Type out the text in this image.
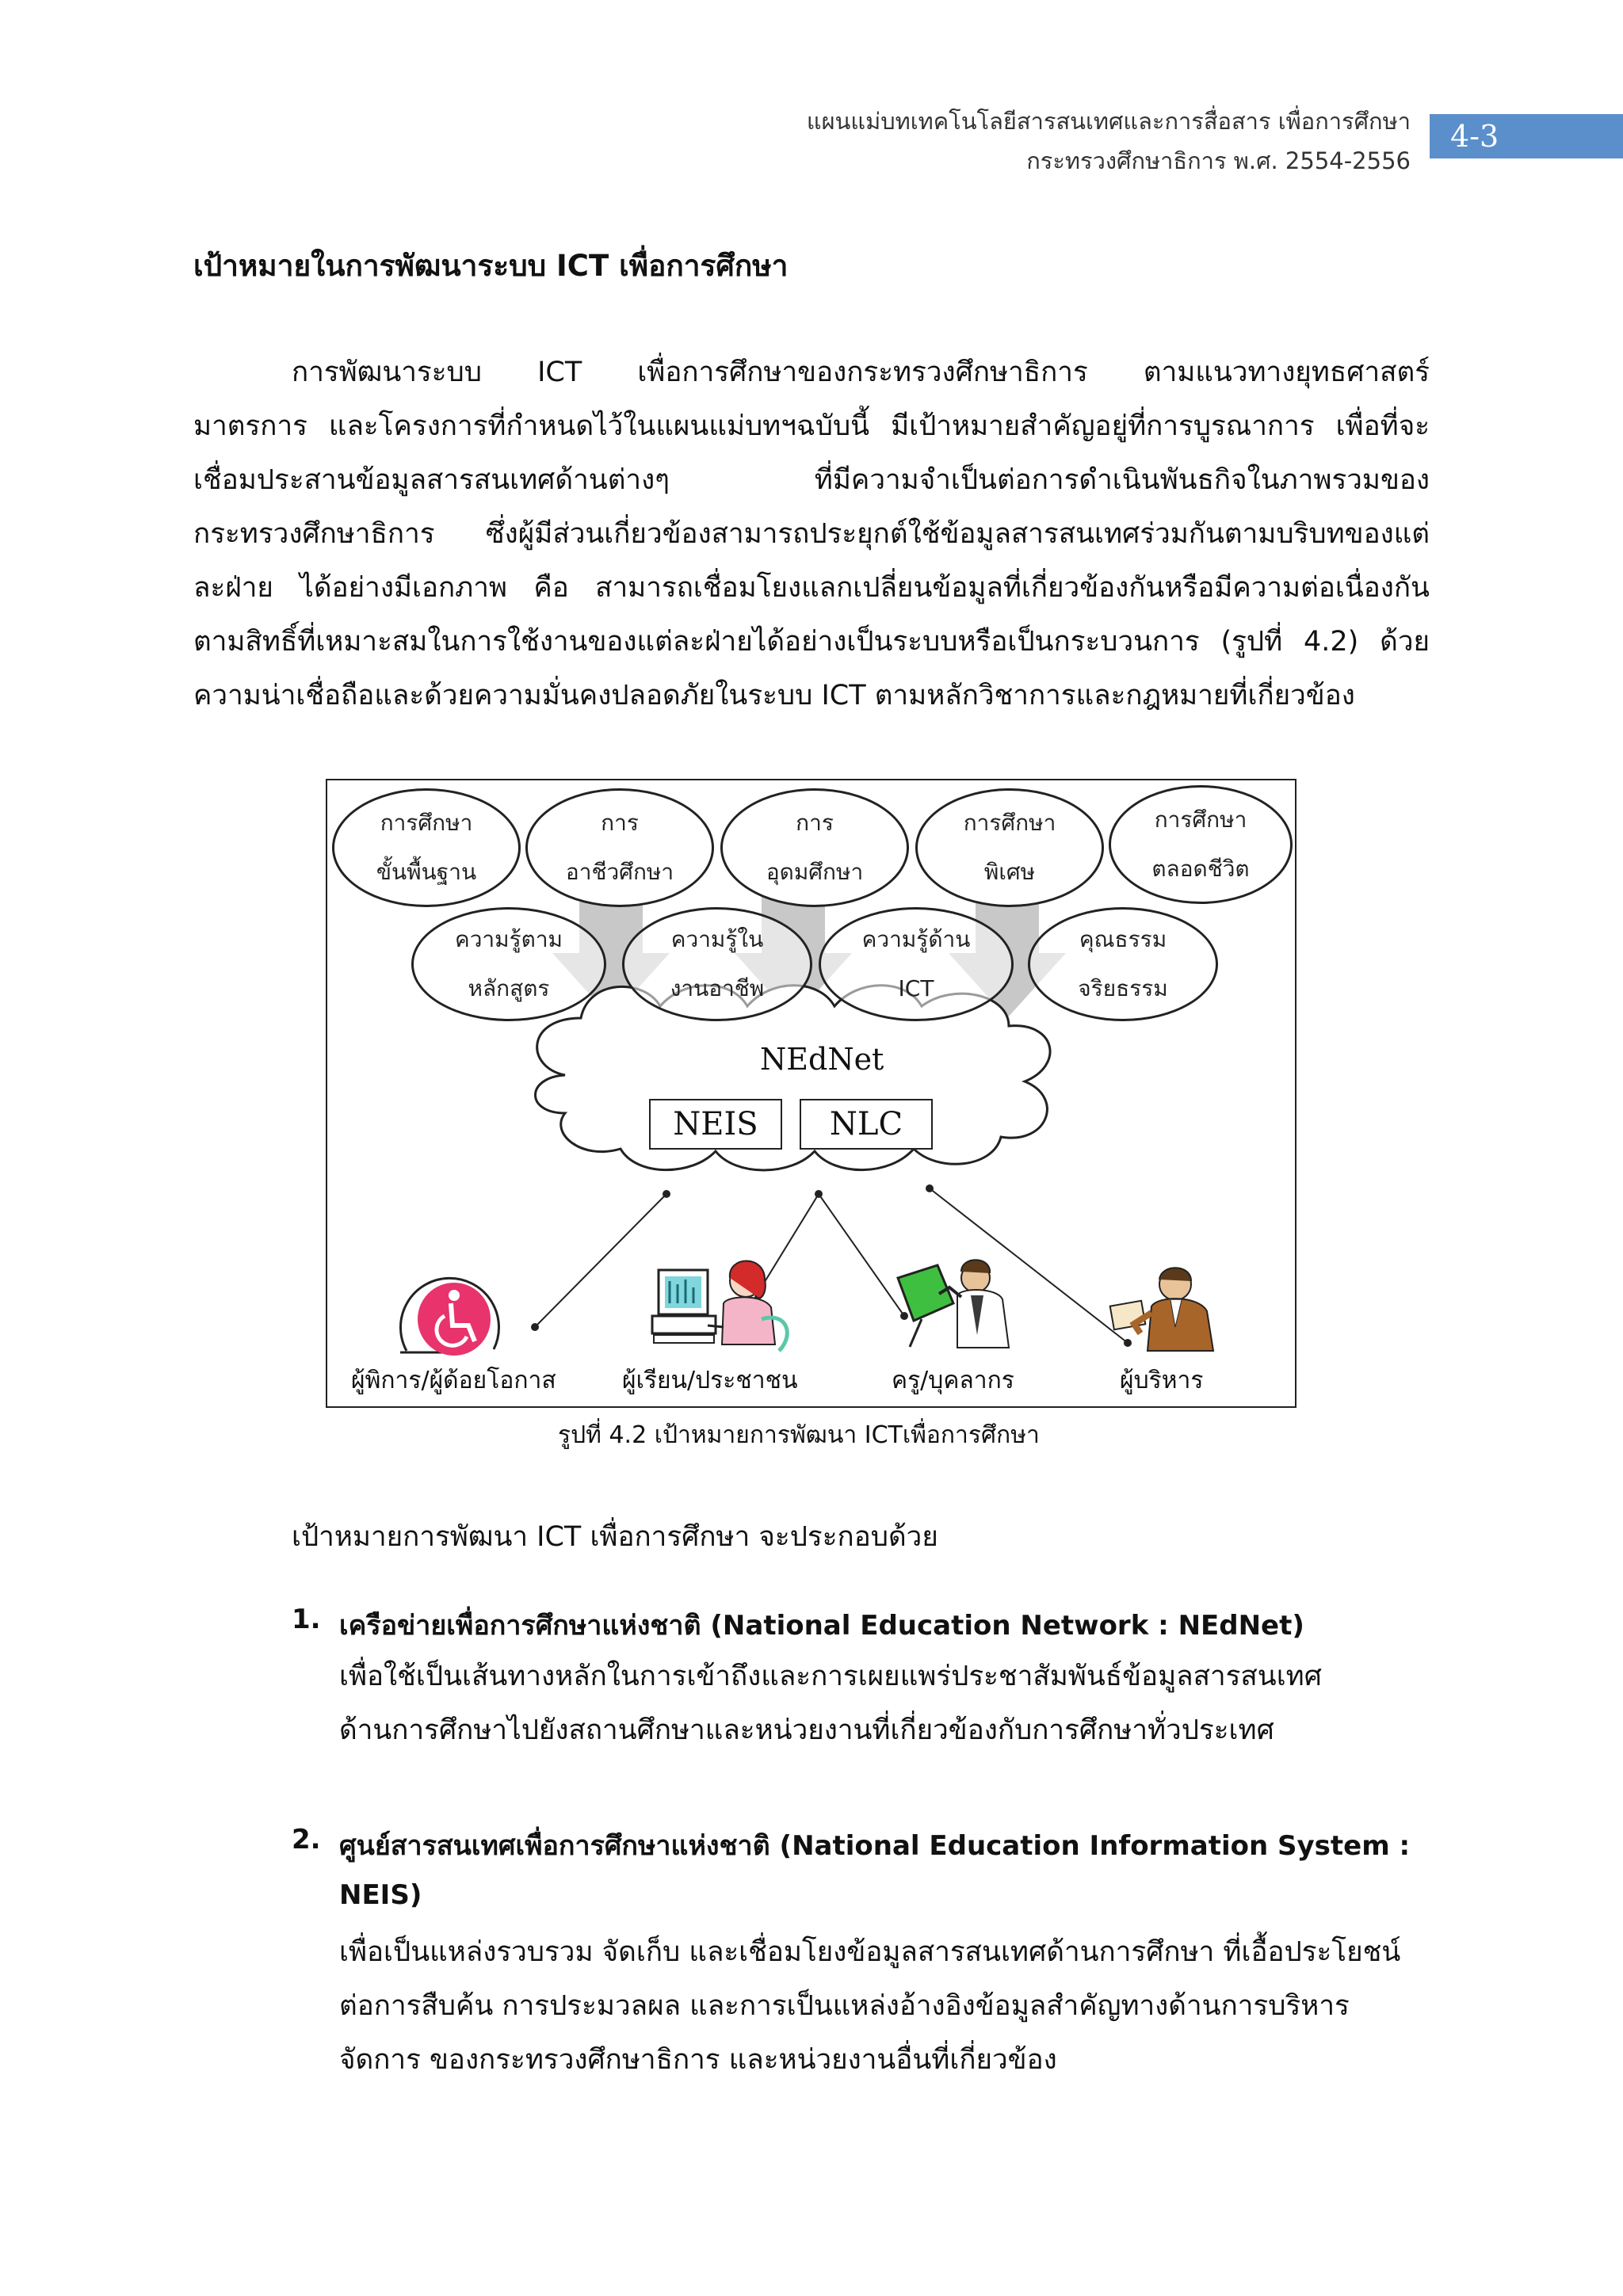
แผนแม่บทเทคโนโลยีสารสนเทศและการสื่อสาร เพื่อการศึกษา
กระทรวงศึกษาธิการ พ.ศ. 2554-2556
4-3
เป้าหมายในการพัฒนาระบบ ICT เพื่อการศึกษา
การพัฒนาระบบ ICT เพื่อการศึกษาของกระทรวงศึกษาธิการ ตามแนวทางยุทธศาสตร์
มาตรการ และโครงการที่กำหนดไว้ในแผนแม่บทฯฉบับนี้ มีเป้าหมายสำคัญอยู่ที่การบูรณาการ เพื่อที่จะ
เชื่อมประสานข้อมูลสารสนเทศด้านต่างๆ ที่มีความจำเป็นต่อการดำเนินพันธกิจในภาพรวมของ
กระทรวงศึกษาธิการ ซึ่งผู้มีส่วนเกี่ยวข้องสามารถประยุกต์ใช้ข้อมูลสารสนเทศร่วมกันตามบริบทของแต่
ละฝ่าย ได้อย่างมีเอกภาพ คือ สามารถเชื่อมโยงแลกเปลี่ยนข้อมูลที่เกี่ยวข้องกันหรือมีความต่อเนื่องกัน
ตามสิทธิ์ที่เหมาะสมในการใช้งานของแต่ละฝ่ายได้อย่างเป็นระบบหรือเป็นกระบวนการ (รูปที่ 4.2) ด้วย
ความน่าเชื่อถือและด้วยความมั่นคงปลอดภัยในระบบ ICT ตามหลักวิชาการและกฎหมายที่เกี่ยวข้อง
การศึกษา
ขั้นพื้นฐาน
การ
อาชีวศึกษา
การ
อุดมศึกษา
การศึกษา
พิเศษ
การศึกษา
ตลอดชีวิต
ความรู้ตาม
หลักสูตร
ความรู้ใน
งานอาชีพ
ความรู้ด้าน
ICT
คุณธรรม
จริยธรรม
NEdNet
NEIS	NLC
ผู้พิการ/ผู้ด้อยโอกาส	ผู้เรียน/ประชาชน	ครู/บุคลากร	ผู้บริหาร
รูปที่ 4.2 เป้าหมายการพัฒนา ICTเพื่อการศึกษา
เป้าหมายการพัฒนา ICT เพื่อการศึกษา จะประกอบด้วย
1. เครือข่ายเพื่อการศึกษาแห่งชาติ (National Education Network : NEdNet)
เพื่อใช้เป็นเส้นทางหลักในการเข้าถึงและการเผยแพร่ประชาสัมพันธ์ข้อมูลสารสนเทศ
ด้านการศึกษาไปยังสถานศึกษาและหน่วยงานที่เกี่ยวข้องกับการศึกษาทั่วประเทศ
2. ศูนย์สารสนเทศเพื่อการศึกษาแห่งชาติ (National Education Information System :
NEIS)
เพื่อเป็นแหล่งรวบรวม จัดเก็บ และเชื่อมโยงข้อมูลสารสนเทศด้านการศึกษา ที่เอื้อประโยชน์
ต่อการสืบค้น การประมวลผล และการเป็นแหล่งอ้างอิงข้อมูลสำคัญทางด้านการบริหาร
จัดการ ของกระทรวงศึกษาธิการ และหน่วยงานอื่นที่เกี่ยวข้อง
